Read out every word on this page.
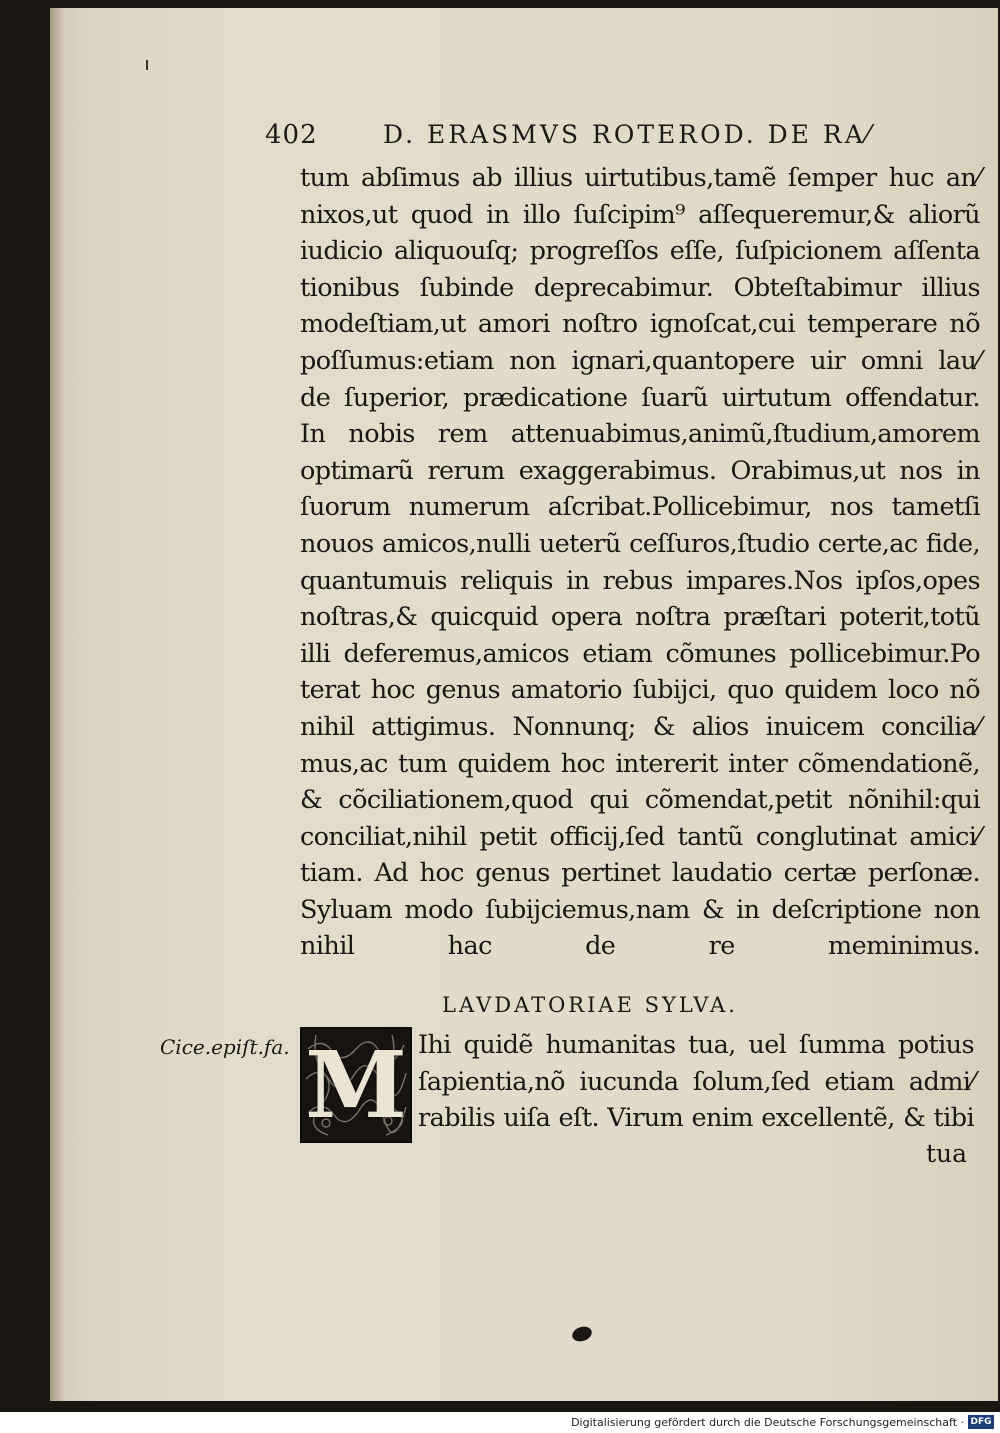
402	D. ERASMVS ROTEROD. DE RA⁄
tum abſimus ab illius uirtutibus,tamẽ ſemper huc an⁄
nixos,ut quod in illo ſuſcipim⁹ aſſequeremur,& aliorũ
iudicio aliquouſq; progreſſos eſſe, ſuſpicionem aſſenta
tionibus ſubinde deprecabimur. Obteſtabimur illius
modeſtiam,ut amori noſtro ignoſcat,cui temperare nõ
poſſumus:etiam non ignari,quantopere uir omni lau⁄
de ſuperior, prædicatione ſuarũ uirtutum offendatur.
In nobis rem attenuabimus,animũ,ſtudium,amorem
optimarũ rerum exaggerabimus. Orabimus,ut nos in
ſuorum numerum aſcribat.Pollicebimur, nos tametſi
nouos amicos,nulli ueterũ ceſſuros,ſtudio certe,ac fide,
quantumuis reliquis in rebus impares.Nos ipſos,opes
noſtras,& quicquid opera noſtra præſtari poterit,totũ
illi deferemus,amicos etiam cõmunes pollicebimur.Po
terat hoc genus amatorio ſubijci, quo quidem loco nõ
nihil attigimus. Nonnunq; & alios inuicem concilia⁄
mus,ac tum quidem hoc intererit inter cõmendationẽ,
& cõciliationem,quod qui cõmendat,petit nõnihil:qui
conciliat,nihil petit officij,ſed tantũ conglutinat amici⁄
tiam. Ad hoc genus pertinet laudatio certæ perſonæ.
Syluam modo ſubijciemus,nam & in deſcriptione non
nihil hac de re meminimus.
LAVDATORIAE SYLVA.
Cice.epiſt.fa. M Ihi quidẽ humanitas tua, uel ſumma potius
ſapientia,nõ iucunda ſolum,ſed etiam admi⁄
rabilis uiſa eſt. Virum enim excellentẽ, & tibi
tua
Digitalisierung gefördert durch die Deutsche Forschungsgemeinschaft · DFG
